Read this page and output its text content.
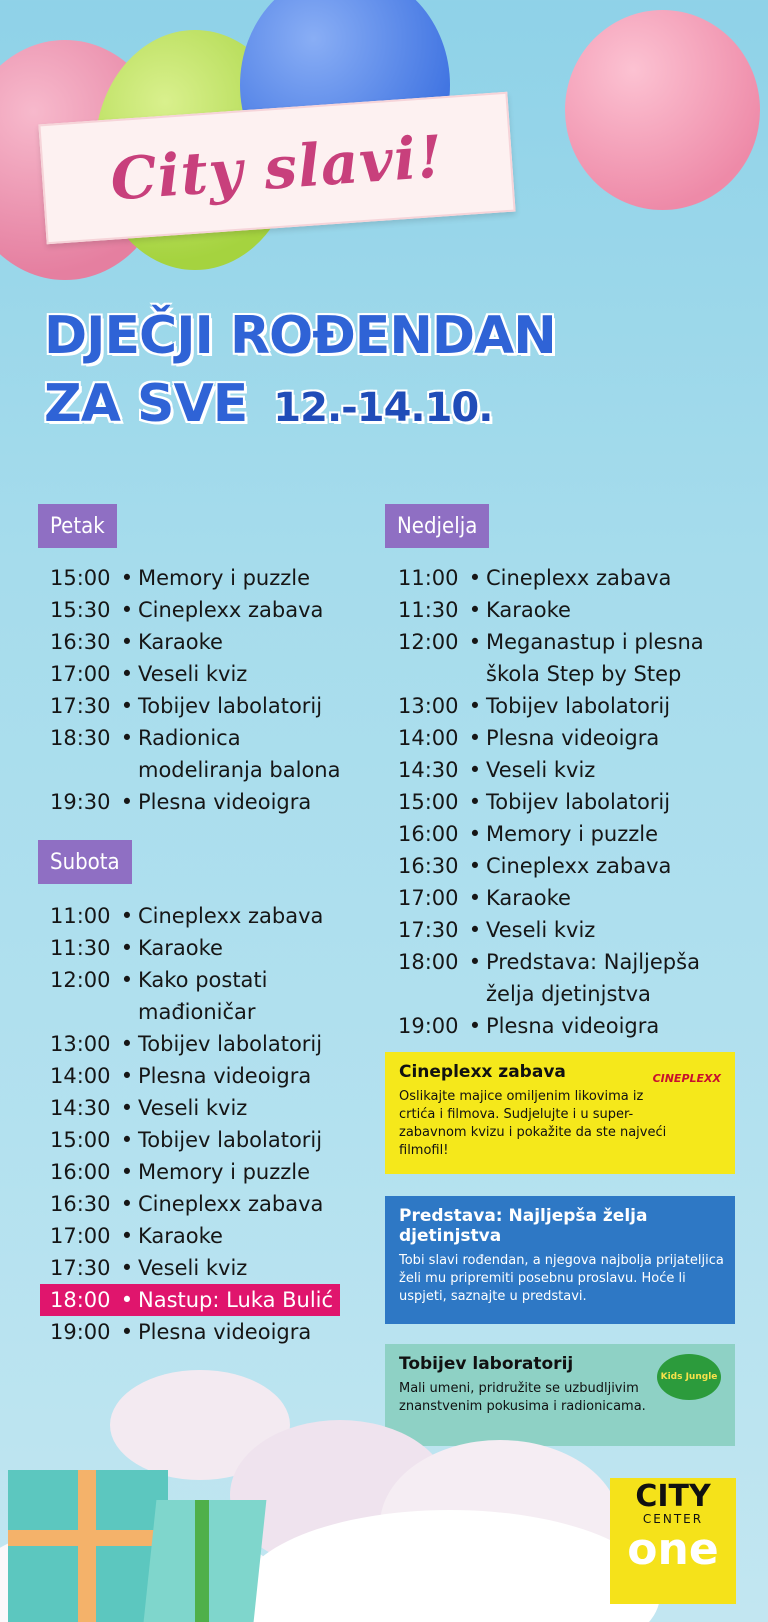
City slavi!
DJEČJI ROĐENDAN
ZA SVE 12.-14.10.
Petak
15:00 • Memory i puzzle
15:30 • Cineplexx zabava
16:30 • Karaoke
17:00 • Veseli kviz
17:30 • Tobijev labolatorij
18:30 • Radionica modeliranja balona
19:30 • Plesna videoigra
Subota
11:00 • Cineplexx zabava
11:30 • Karaoke
12:00 • Kako postati mađioničar
13:00 • Tobijev labolatorij
14:00 • Plesna videoigra
14:30 • Veseli kviz
15:00 • Tobijev labolatorij
16:00 • Memory i puzzle
16:30 • Cineplexx zabava
17:00 • Karaoke
17:30 • Veseli kviz
18:00 • Nastup: Luka Bulić
19:00 • Plesna videoigra
Nedjelja
11:00 • Cineplexx zabava
11:30 • Karaoke
12:00 • Meganastup i plesna škola Step by Step
13:00 • Tobijev labolatorij
14:00 • Plesna videoigra
14:30 • Veseli kviz
15:00 • Tobijev labolatorij
16:00 • Memory i puzzle
16:30 • Cineplexx zabava
17:00 • Karaoke
17:30 • Veseli kviz
18:00 • Predstava: Najljepša želja djetinjstva
19:00 • Plesna videoigra
Cineplexx zabava	CINEPLEXX
Oslikajte majice omiljenim likovima iz crtića i filmova. Sudjelujte i u super-zabavnom kvizu i pokažite da ste najveći filmofil!
Predstava: Najljepša želja djetinjstva
Tobi slavi rođendan, a njegova najbolja prijateljica želi mu pripremiti posebnu proslavu. Hoće li uspjeti, saznajte u predstavi.
Tobijev laboratorij
Kids Jungle
Mali umeni, pridružite se uzbudljivim znanstvenim pokusima i radionicama.
CITY
CENTER
one
